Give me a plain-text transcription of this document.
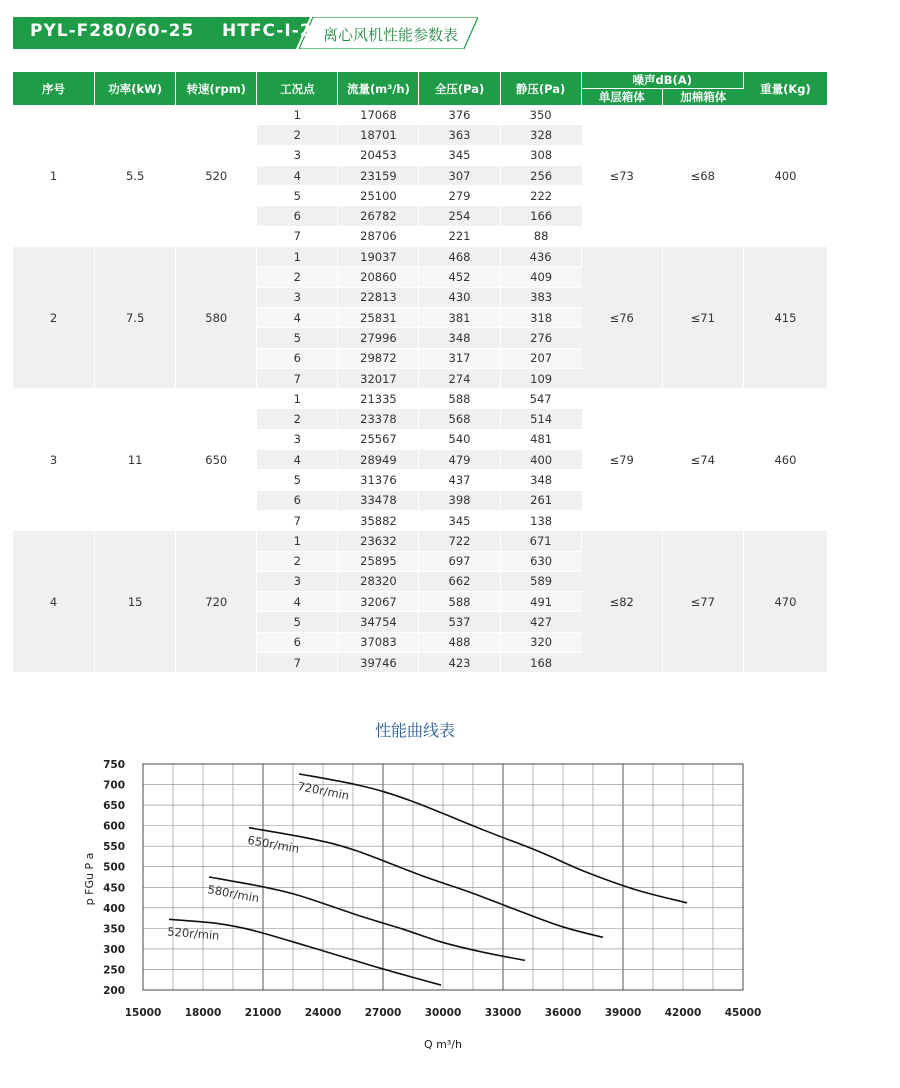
PYL-F280/60-25    HTFC-I-25
离心风机性能参数表
序号	功率(kW)	转速(rpm)	工况点	流量(m³/h)	全压(Pa)	静压(Pa)	噪声dB(A)		重量(Kg)
							单层箱体	加棉箱体	
1	5.5	520	1	17068	376	350	≤73	≤68	400
			2	18701	363	328			
			3	20453	345	308			
			4	23159	307	256			
			5	25100	279	222			
			6	26782	254	166			
			7	28706	221	88			
2	7.5	580	1	19037	468	436	≤76	≤71	415
			2	20860	452	409			
			3	22813	430	383			
			4	25831	381	318			
			5	27996	348	276			
			6	29872	317	207			
			7	32017	274	109			
3	11	650	1	21335	588	547	≤79	≤74	460
			2	23378	568	514			
			3	25567	540	481			
			4	28949	479	400			
			5	31376	437	348			
			6	33478	398	261			
			7	35882	345	138			
4	15	720	1	23632	722	671	≤82	≤77	470
			2	25895	697	630			
			3	28320	662	589			
			4	32067	588	491			
			5	34754	537	427			
			6	37083	488	320			
			7	39746	423	168			
性能曲线表
750
700
650
600
550
500
450
400
350
300
250
200
15000 18000 21000 24000 27000 30000 33000 36000 39000 42000 45000
Q m³/h
p FGu P a
520r/min
580r/min
650r/min
720r/min
